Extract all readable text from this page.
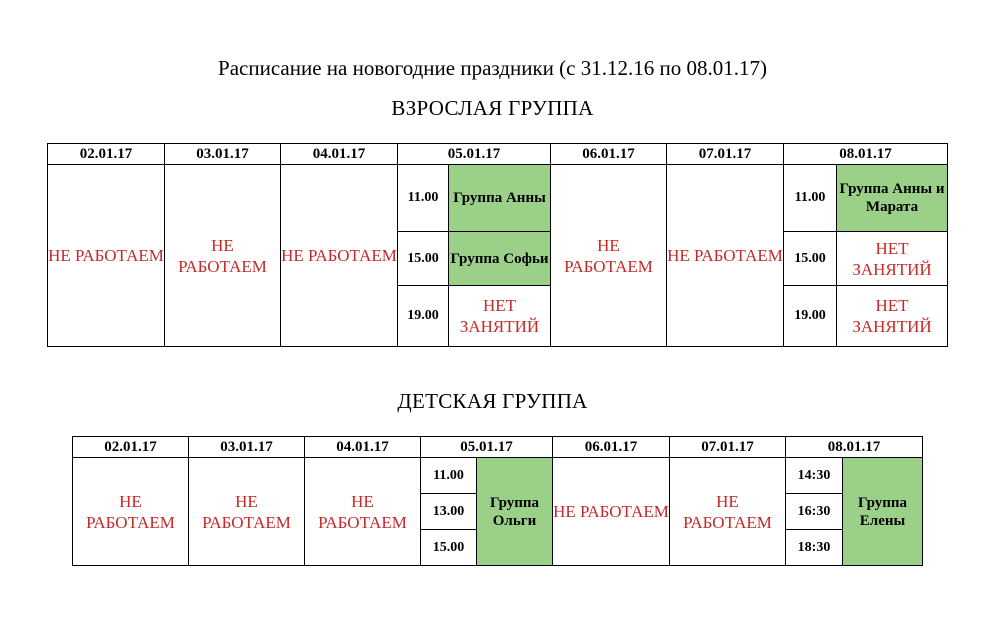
Расписание на новогодние праздники (с 31.12.16 по 08.01.17)
ВЗРОСЛАЯ ГРУППА
02.01.17	03.01.17	04.01.17	05.01.17		06.01.17	07.01.17	08.01.17	
НЕ РАБОТАЕМ	НЕ РАБОТАЕМ	НЕ РАБОТАЕМ	11.00	Группа Анны	НЕ РАБОТАЕМ	НЕ РАБОТАЕМ	11.00	Группа Анны и Марата
			15.00	Группа Софьи			15.00	НЕТ ЗАНЯТИЙ
			19.00	НЕТ ЗАНЯТИЙ			19.00	НЕТ ЗАНЯТИЙ
ДЕТСКАЯ ГРУППА
02.01.17	03.01.17	04.01.17	05.01.17		06.01.17	07.01.17	08.01.17	
НЕ РАБОТАЕМ	НЕ РАБОТАЕМ	НЕ РАБОТАЕМ	11.00	Группа Ольги	НЕ РАБОТАЕМ	НЕ РАБОТАЕМ	14:30	Группа Елены
			13.00				16:30	
			15.00				18:30	
